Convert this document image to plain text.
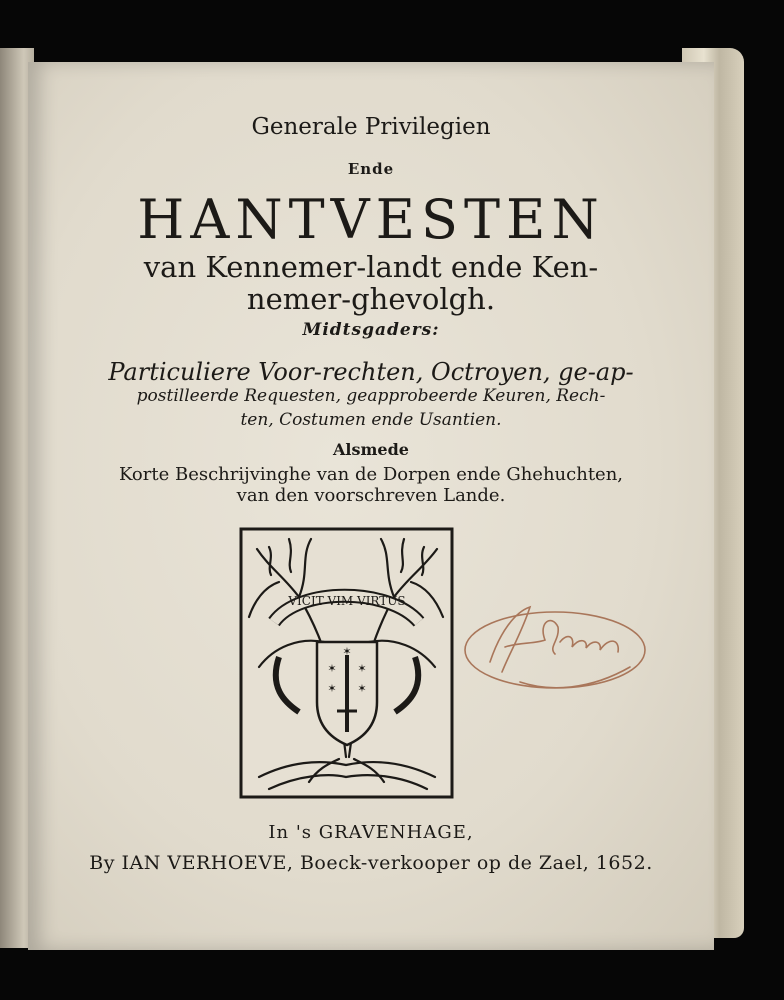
Generale Privilegien
Ende
HANTVESTEN
van Kennemer-landt ende Ken-
nemer-ghevolgh.
Midtsgaders:
Particuliere Voor-rechten, Octroyen, ge-ap-
postilleerde Requesten, geapprobeerde Keuren, Rech-
ten, Costumen ende Usantien.
Alsmede
Korte Beschrijvinghe van de Dorpen ende Ghehuchten,
van den voorschreven Lande.
VICIT VIM VIRTUS
✶ ✶
✶ ✶
✶
In 's GRAVENHAGE,
By IAN VERHOEVE, Boeck-verkooper op de Zael, 1652.
